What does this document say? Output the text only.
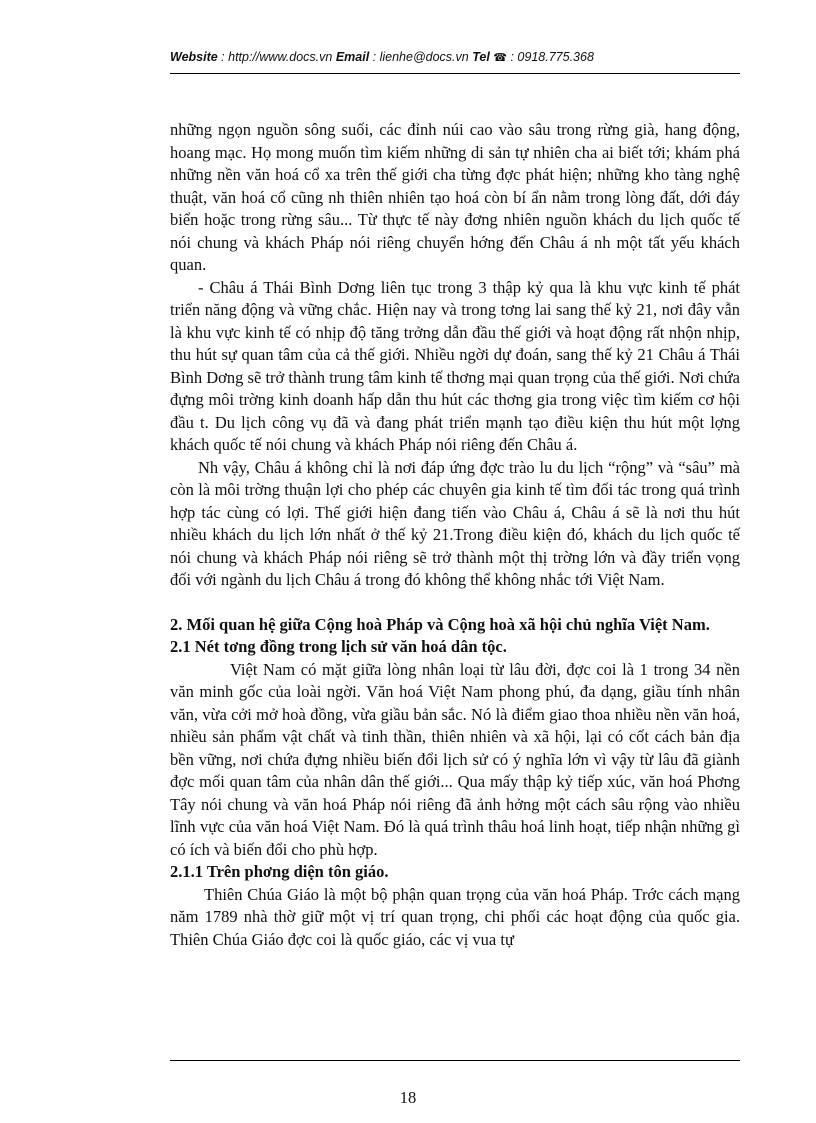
Website : http://www.docs.vn Email : lienhe@docs.vn Tel ☎ : 0918.775.368

những ngọn nguồn sông suối, các đỉnh núi cao vào sâu trong rừng già, hang động, hoang mạc. Họ mong muốn tìm kiếm những di sản tự nhiên cha ai biết tới; khám phá những nền văn hoá cổ xa trên thế giới cha từng đợc phát hiện; những kho tàng nghệ thuật, văn hoá cổ cũng nh thiên nhiên tạo hoá còn bí ẩn nằm trong lòng đất, dới đáy biển hoặc trong rừng sâu... Từ thực tế này đơng nhiên nguồn khách du lịch quốc tế nói chung và khách Pháp nói riêng chuyển hớng đến Châu á nh một tất yếu khách quan.

- Châu á Thái Bình Dơng liên tục trong 3 thập kỷ qua là khu vực kinh tế phát triển năng động và vững chắc. Hiện nay và trong tơng lai sang thế kỷ 21, nơi đây vẫn là khu vực kinh tế có nhịp độ tăng trởng dẫn đầu thế giới và hoạt động rất nhộn nhịp, thu hút sự quan tâm của cả thế giới. Nhiều ngời dự đoán, sang thế kỷ 21 Châu á Thái Bình Dơng sẽ trở thành trung tâm kinh tế thơng mại quan trọng của thế giới. Nơi chứa đựng môi trờng kinh doanh hấp dẫn thu hút các thơng gia trong việc tìm kiếm cơ hội đầu t. Du lịch công vụ đã và đang phát triển mạnh tạo điều kiện thu hút một lợng khách quốc tế nói chung và khách Pháp nói riêng đến Châu á.

Nh vậy, Châu á không chỉ là nơi đáp ứng đợc trào lu du lịch “rộng” và “sâu” mà còn là môi trờng thuận lợi cho phép các chuyên gia kinh tế tìm đối tác trong quá trình hợp tác cùng có lợi. Thế giới hiện đang tiến vào Châu á, Châu á sẽ là nơi thu hút nhiều khách du lịch lớn nhất ở thế kỷ 21.Trong điều kiện đó, khách du lịch quốc tế nói chung và khách Pháp nói riêng sẽ trở thành một thị trờng lớn và đầy triển vọng đối với ngành du lịch Châu á trong đó không thể không nhắc tới Việt Nam.

2. Mối quan hệ giữa Cộng hoà Pháp và Cộng hoà xã hội chủ nghĩa Việt Nam.
2.1 Nét tơng đồng trong lịch sử văn hoá dân tộc.

Việt Nam có mặt giữa lòng nhân loại từ lâu đời, đợc coi là 1 trong 34 nền văn minh gốc của loài ngời. Văn hoá Việt Nam phong phú, đa dạng, giầu tính nhân văn, vừa cởi mở hoà đồng, vừa giầu bản sắc. Nó là điểm giao thoa nhiều nền văn hoá, nhiều sản phẩm vật chất và tinh thần, thiên nhiên và xã hội, lại có cốt cách bản địa bền vững, nơi chứa đựng nhiều biến đổi lịch sử có ý nghĩa lớn vì vậy từ lâu đã giành đợc mối quan tâm của nhân dân thế giới... Qua mấy thập kỷ tiếp xúc, văn hoá Phơng Tây nói chung và văn hoá Pháp nói riêng đã ảnh hởng một cách sâu rộng vào nhiều lĩnh vực của văn hoá Việt Nam. Đó là quá trình thâu hoá linh hoạt, tiếp nhận những gì có ích và biến đổi cho phù hợp.

2.1.1 Trên phơng diện tôn giáo.

Thiên Chúa Giáo là một bộ phận quan trọng của văn hoá Pháp. Trớc cách mạng năm 1789 nhà thờ giữ một vị trí quan trọng, chi phối các hoạt động của quốc gia. Thiên Chúa Giáo đợc coi là quốc giáo, các vị vua tự

18
